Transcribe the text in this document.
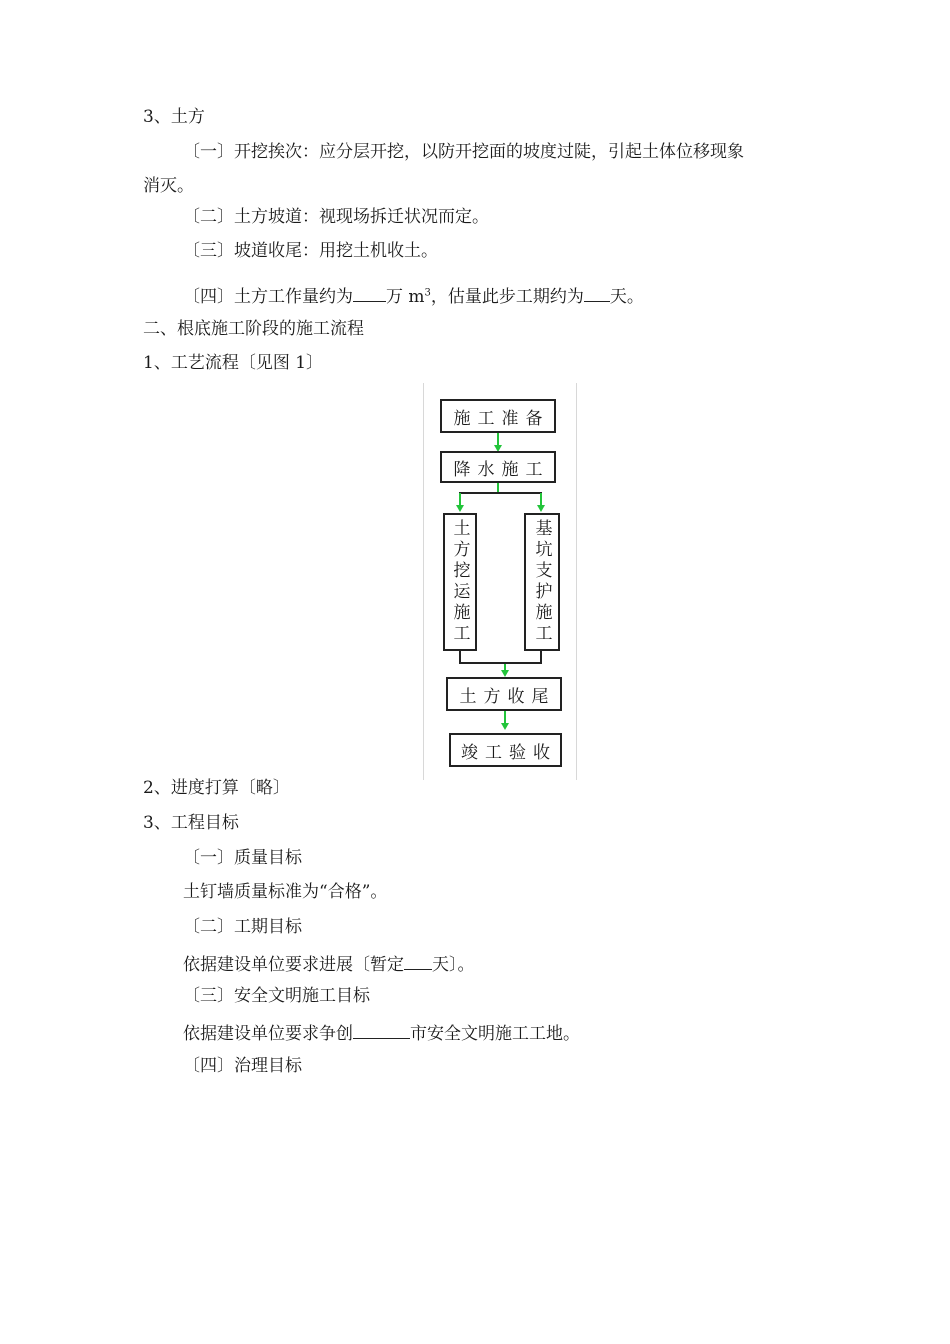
3、土方
〔一〕开挖挨次：应分层开挖，以防开挖面的坡度过陡，引起土体位移现象
消灭。
〔二〕土方坡道：视现场拆迁状况而定。
〔三〕坡道收尾：用挖土机收土。
〔四〕土方工作量约为 万 $m^3$，估量此步工期约为 天。
二、根底施工阶段的施工流程
1、工艺流程〔见图 1〕
施工准备
降水施工
土方挖运施工	基坑支护施工
土方收尾
竣工验收
2、进度打算〔略〕
3、工程目标
〔一〕质量目标
土钉墙质量标准为“合格”。
〔二〕工期目标
依据建设单位要求进展〔暂定 天〕。
〔三〕安全文明施工目标
依据建设单位要求争创	市安全文明施工工地。
〔四〕治理目标
